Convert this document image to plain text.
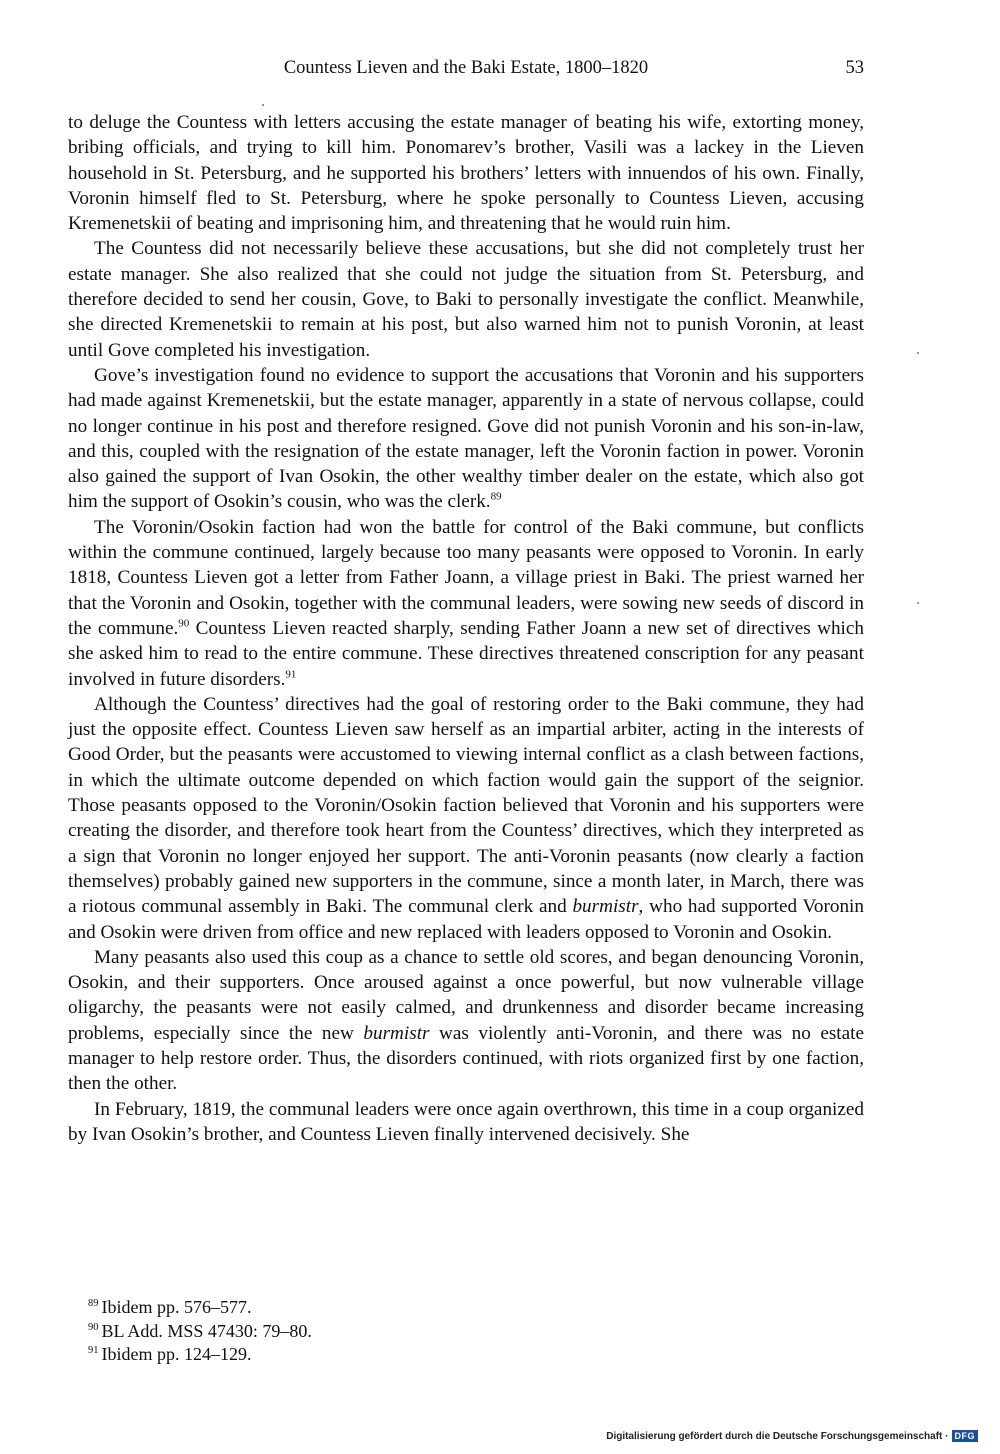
Countess Lieven and the Baki Estate, 1800–1820	53

to deluge the Countess with letters accusing the estate manager of beating his wife, extorting money, bribing officials, and trying to kill him. Ponomarev’s brother, Vasili was a lackey in the Lieven household in St. Petersburg, and he supported his brothers’ letters with innuendos of his own. Finally, Voronin himself fled to St. Petersburg, where he spoke personally to Countess Lieven, accusing Kremenetskii of beating and imprisoning him, and threatening that he would ruin him.

The Countess did not necessarily believe these accusations, but she did not completely trust her estate manager. She also realized that she could not judge the situation from St. Petersburg, and therefore decided to send her cousin, Gove, to Baki to personally investigate the conflict. Meanwhile, she directed Kremenetskii to remain at his post, but also warned him not to punish Voronin, at least until Gove completed his investigation.

Gove’s investigation found no evidence to support the accusations that Voronin and his supporters had made against Kremenetskii, but the estate manager, apparently in a state of nervous collapse, could no longer continue in his post and therefore resigned. Gove did not punish Voronin and his son-in-law, and this, coupled with the resignation of the estate manager, left the Voronin faction in power. Voronin also gained the support of Ivan Osokin, the other wealthy timber dealer on the estate, which also got him the support of Osokin’s cousin, who was the clerk.$^{89}$

The Voronin/Osokin faction had won the battle for control of the Baki commune, but conflicts within the commune continued, largely because too many peasants were opposed to Voronin. In early 1818, Countess Lieven got a letter from Father Joann, a village priest in Baki. The priest warned her that the Voronin and Osokin, together with the communal leaders, were sowing new seeds of discord in the commune.$^{90}$ Countess Lieven reacted sharply, sending Father Joann a new set of directives which she asked him to read to the entire commune. These directives threatened conscription for any peasant involved in future disorders.$^{91}$

Although the Countess’ directives had the goal of restoring order to the Baki commune, they had just the opposite effect. Countess Lieven saw herself as an impartial arbiter, acting in the interests of Good Order, but the peasants were accustomed to viewing internal conflict as a clash between factions, in which the ultimate outcome depended on which faction would gain the support of the seignior. Those peasants opposed to the Voronin/Osokin faction believed that Voronin and his supporters were creating the disorder, and therefore took heart from the Countess’ directives, which they interpreted as a sign that Voronin no longer enjoyed her support. The anti-Voronin peasants (now clearly a faction themselves) probably gained new supporters in the commune, since a month later, in March, there was a riotous communal assembly in Baki. The communal clerk and burmistr, who had supported Voronin and Osokin were driven from office and new replaced with leaders opposed to Voronin and Osokin.

Many peasants also used this coup as a chance to settle old scores, and began denouncing Voronin, Osokin, and their supporters. Once aroused against a once powerful, but now vulnerable village oligarchy, the peasants were not easily calmed, and drunkenness and disorder became increasing problems, especially since the new burmistr was violently anti-Voronin, and there was no estate manager to help restore order. Thus, the disorders continued, with riots organized first by one faction, then the other.

In February, 1819, the communal leaders were once again overthrown, this time in a coup organized by Ivan Osokin’s brother, and Countess Lieven finally intervened decisively. She

$^{89}$ Ibidem pp. 576–577.
$^{90}$ BL Add. MSS 47430: 79–80.
$^{91}$ Ibidem pp. 124–129.
Digitalisierung gefördert durch die Deutsche Forschungsgemeinschaft · DFG
